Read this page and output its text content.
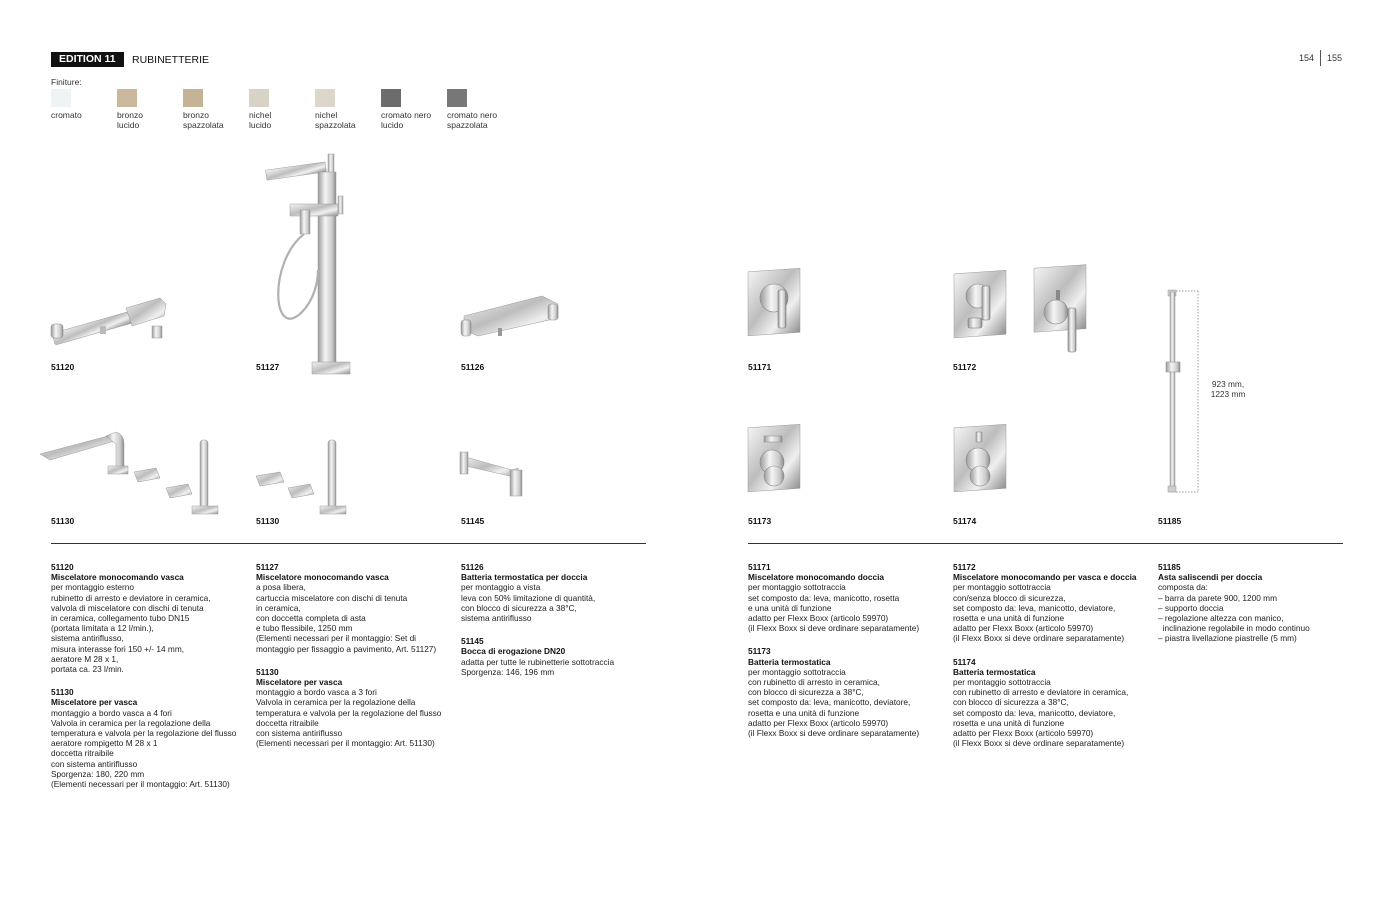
EDITION 11	RUBINETTERIE	154 155
Finiture:
cromato	bronzo
lucido
bronzo
spazzolata
nichel
lucido
nichel
spazzolata
cromato nero
lucido
cromato nero
spazzolata
923 mm,
1223 mm
51120	51127	51126	51171	51172
51130	51130	51145	51173	51174	51185
51120
Miscelatore monocomando vasca
per montaggio esterno
rubinetto di arresto e deviatore in ceramica,
valvola di miscelatore con dischi di tenuta
in ceramica, collegamento tubo DN15
(portata limitata a 12 l/min.),
sistema antiriflusso,
misura interasse fori 150 +/- 14 mm,
aeratore M 28 x 1,
portata ca. 23 l/min.
51130
Miscelatore per vasca
montaggio a bordo vasca a 4 fori
Valvola in ceramica per la regolazione della
temperatura e valvola per la regolazione del flusso
aeratore rompigetto M 28 x 1
doccetta ritraibile
con sistema antiriflusso
Sporgenza: 180, 220 mm
(Elementi necessari per il montaggio: Art. 51130)
51127
Miscelatore monocomando vasca
a posa libera,
cartuccia miscelatore con dischi di tenuta
in ceramica,
con doccetta completa di asta
e tubo flessibile, 1250 mm
(Elementi necessari per il montaggio: Set di
montaggio per fissaggio a pavimento, Art. 51127)
51130
Miscelatore per vasca
montaggio a bordo vasca a 3 fori
Valvola in ceramica per la regolazione della
temperatura e valvola per la regolazione del flusso
doccetta ritraibile
con sistema antiriflusso
(Elementi necessari per il montaggio: Art. 51130)
51126
Batteria termostatica per doccia
per montaggio a vista
leva con 50% limitazione di quantità,
con blocco di sicurezza a 38°C,
sistema antiriflusso
51145
Bocca di erogazione DN20
adatta per tutte le rubinetterie sottotraccia
Sporgenza: 146, 196 mm
51171
Miscelatore monocomando doccia
per montaggio sottotraccia
set composto da: leva, manicotto, rosetta
e una unità di funzione
adatto per Flexx Boxx (articolo 59970)
(il Flexx Boxx si deve ordinare separatamente)
51173
Batteria termostatica
per montaggio sottotraccia
con rubinetto di arresto in ceramica,
con blocco di sicurezza a 38°C,
set composto da: leva, manicotto, deviatore,
rosetta e una unità di funzione
adatto per Flexx Boxx (articolo 59970)
(il Flexx Boxx si deve ordinare separatamente)
51172
Miscelatore monocomando per vasca e doccia
per montaggio sottotraccia
con/senza blocco di sicurezza,
set composto da: leva, manicotto, deviatore,
rosetta e una unità di funzione
adatto per Flexx Boxx (articolo 59970)
(il Flexx Boxx si deve ordinare separatamente)
51174
Batteria termostatica
per montaggio sottotraccia
con rubinetto di arresto e deviatore in ceramica,
con blocco di sicurezza a 38°C,
set composto da: leva, manicotto, deviatore,
rosetta e una unità di funzione
adatto per Flexx Boxx (articolo 59970)
(il Flexx Boxx si deve ordinare separatamente)
51185
Asta saliscendi per doccia
composta da:
– barra da parete 900, 1200 mm
– supporto doccia
– regolazione altezza con manico,
inclinazione regolabile in modo continuo
– piastra livellazione piastrelle (5 mm)
